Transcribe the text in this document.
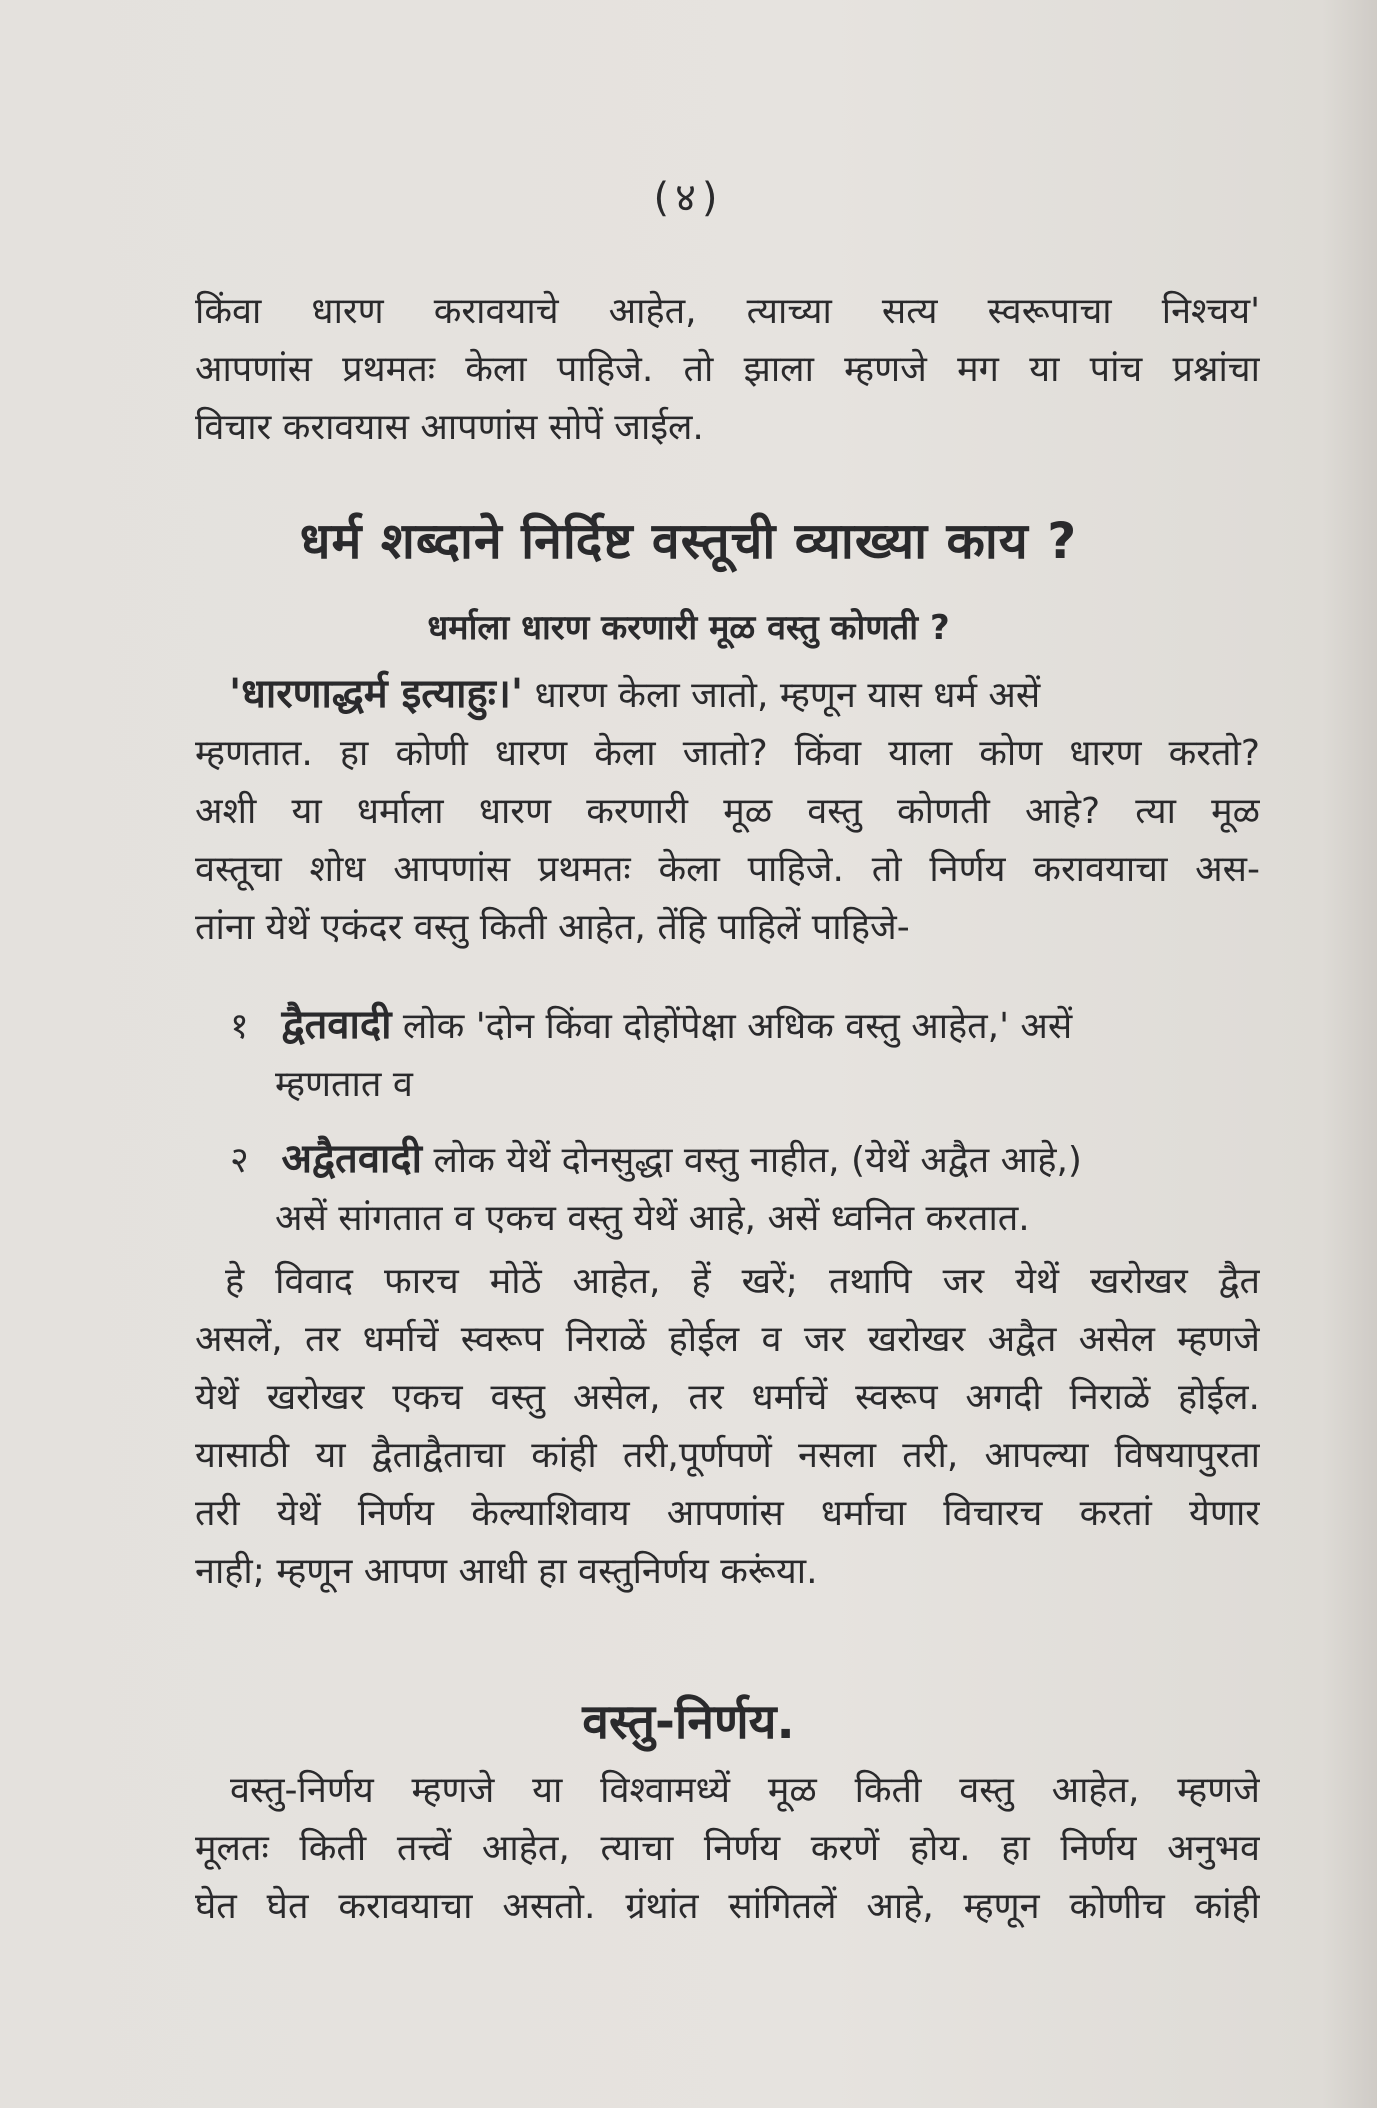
(४)
किंवा धारण करावयाचे आहेत, त्याच्या सत्य स्वरूपाचा निश्चय'
आपणांस प्रथमतः केला पाहिजे. तो झाला म्हणजे मग या पांच प्रश्नांचा
विचार करावयास आपणांस सोपें जाईल.
धर्म शब्दाने निर्दिष्ट वस्तूची व्याख्या काय ?
धर्माला धारण करणारी मूळ वस्तु कोणती ?
'धारणाद्धर्म इत्याहुः।' धारण केला जातो, म्हणून यास धर्म असें
म्हणतात. हा कोणी धारण केला जातो? किंवा याला कोण धारण करतो?
अशी या धर्माला धारण करणारी मूळ वस्तु कोणती आहे? त्या मूळ
वस्तूचा शोध आपणांस प्रथमतः केला पाहिजे. तो निर्णय करावयाचा अस-
तांना येथें एकंदर वस्तु किती आहेत, तेंहि पाहिलें पाहिजे-
१ द्वैतवादी लोक 'दोन किंवा दोहोंपेक्षा अधिक वस्तु आहेत,' असें
म्हणतात व
२ अद्वैतवादी लोक येथें दोनसुद्धा वस्तु नाहीत, (येथें अद्वैत आहे,)
असें सांगतात व एकच वस्तु येथें आहे, असें ध्वनित करतात.
हे विवाद फारच मोठें आहेत, हें खरें; तथापि जर येथें खरोखर द्वैत
असलें, तर धर्माचें स्वरूप निराळें होईल व जर खरोखर अद्वैत असेल म्हणजे
येथें खरोखर एकच वस्तु असेल, तर धर्माचें स्वरूप अगदी निराळें होईल.
यासाठी या द्वैताद्वैताचा कांही तरी,पूर्णपणें नसला तरी, आपल्या विषयापुरता
तरी येथें निर्णय केल्याशिवाय आपणांस धर्माचा विचारच करतां येणार
नाही; म्हणून आपण आधी हा वस्तुनिर्णय करूंया.
वस्तु-निर्णय.
वस्तु-निर्णय म्हणजे या विश्वामध्यें मूळ किती वस्तु आहेत, म्हणजे
मूलतः किती तत्त्वें आहेत, त्याचा निर्णय करणें होय. हा निर्णय अनुभव
घेत घेत करावयाचा असतो. ग्रंथांत सांगितलें आहे, म्हणून कोणीच कांही
